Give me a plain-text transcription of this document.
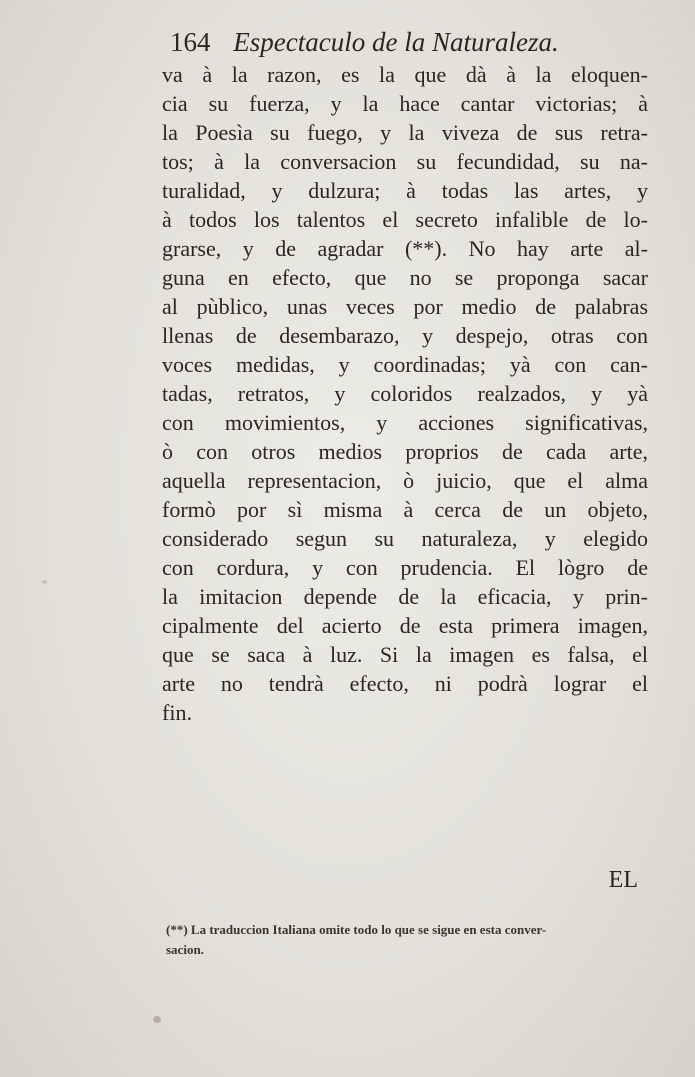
164 Espectaculo de la Naturaleza.
va à la razon, es la que dà à la eloquen-
cia su fuerza, y la hace cantar victorias; à
la Poesìa su fuego, y la viveza de sus retra-
tos; à la conversacion su fecundidad, su na-
turalidad, y dulzura; à todas las artes, y
à todos los talentos el secreto infalible de lo-
grarse, y de agradar (**). No hay arte al-
guna en efecto, que no se proponga sacar
al pùblico, unas veces por medio de palabras
llenas de desembarazo, y despejo, otras con
voces medidas, y coordinadas; yà con can-
tadas, retratos, y coloridos realzados, y yà
con movimientos, y acciones significativas,
ò con otros medios proprios de cada arte,
aquella representacion, ò juicio, que el alma
formò por sì misma à cerca de un objeto,
considerado segun su naturaleza, y elegido
con cordura, y con prudencia. El lògro de
la imitacion depende de la eficacia, y prin-
cipalmente del acierto de esta primera imagen,
que se saca à luz. Si la imagen es falsa, el
arte no tendrà efecto, ni podrà lograr el
fin.
EL
(**) La traduccion Italiana omite todo lo que se sigue en esta conver-
sacion.
